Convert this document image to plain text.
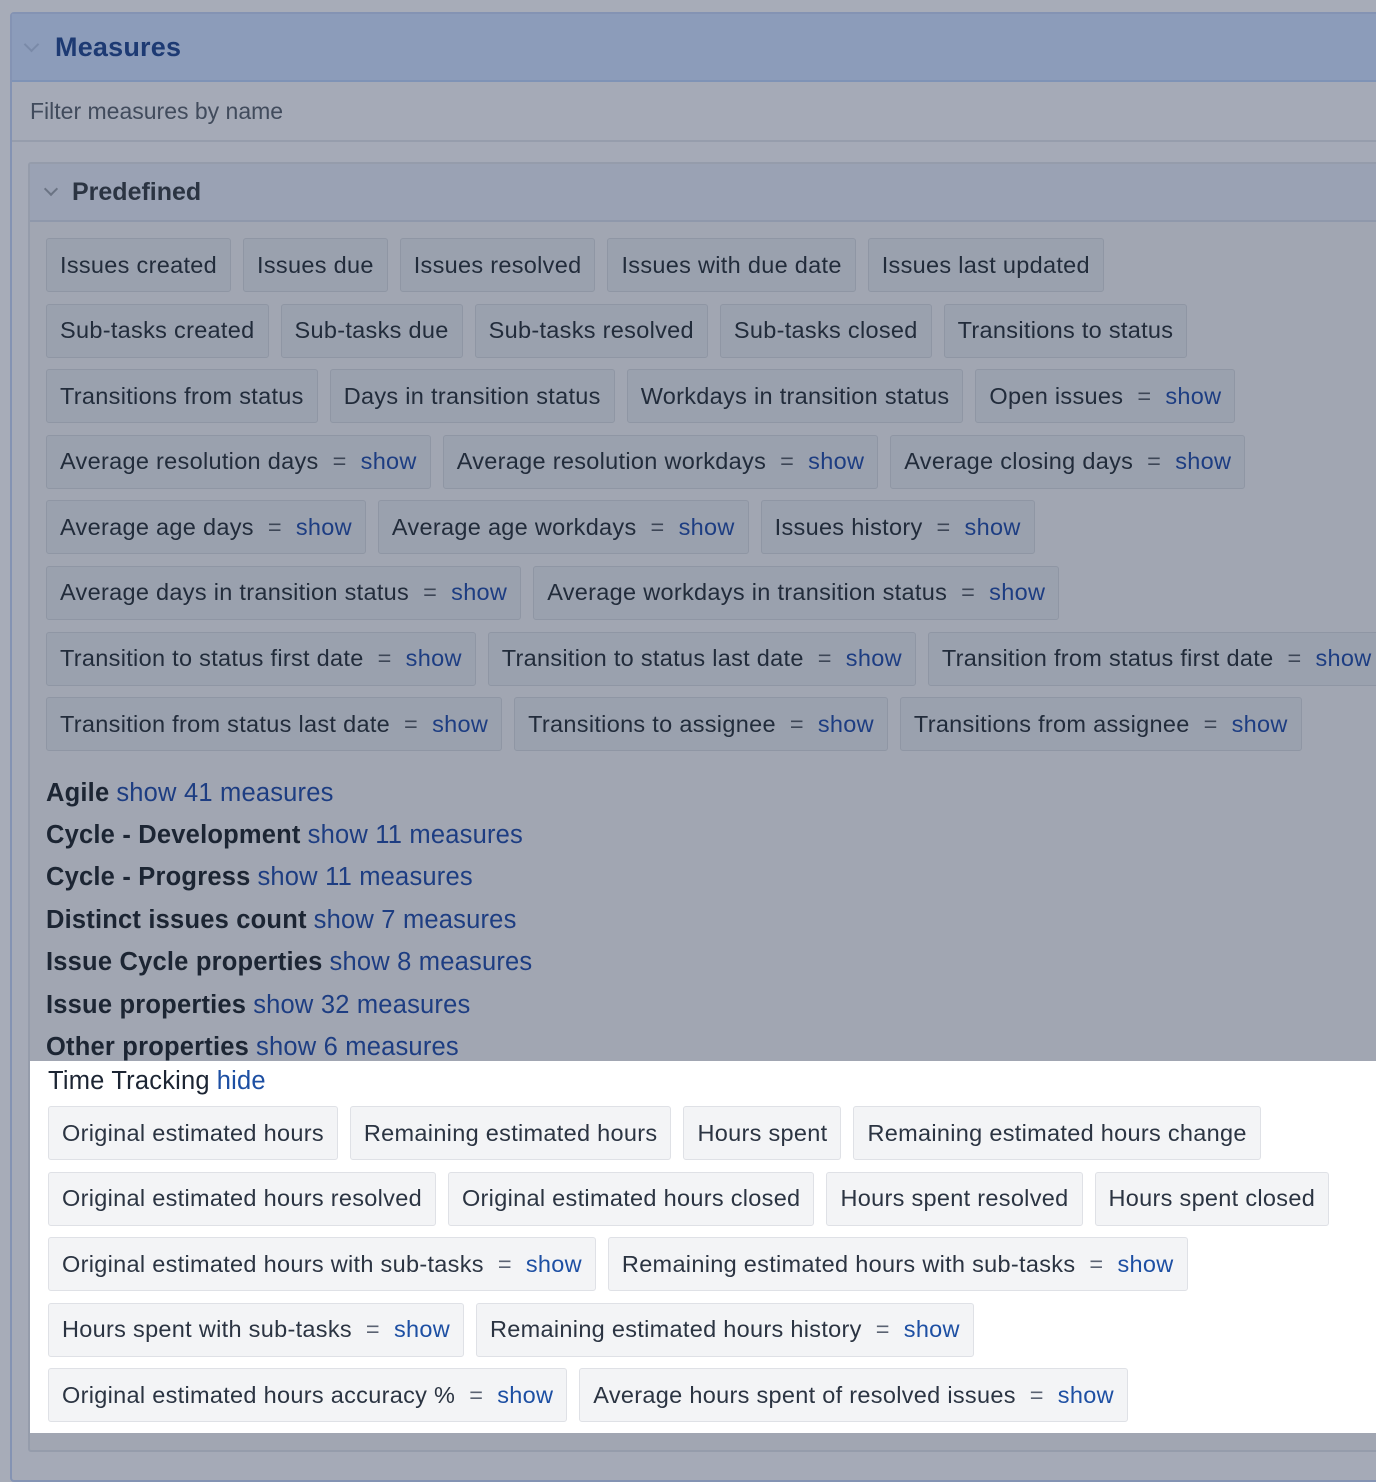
Measures
Filter measures by name
Predefined
Issues created Issues due Issues resolved Issues with due date Issues last updated
Sub-tasks created Sub-tasks due Sub-tasks resolved Sub-tasks closed Transitions to status
Transitions from status Days in transition status Workdays in transition status Open issues = show
Average resolution days = show Average resolution workdays = show Average closing days = show
Average age days = show Average age workdays = show Issues history = show
Average days in transition status = show Average workdays in transition status = show
Transition to status first date = show Transition to status last date = show Transition from status first date = show
Transition from status last date = show Transitions to assignee = show Transitions from assignee = show
Agile show 41 measures
Cycle - Development show 11 measures
Cycle - Progress show 11 measures
Distinct issues count show 7 measures
Issue Cycle properties show 8 measures
Issue properties show 32 measures
Other properties show 6 measures
Time Tracking hide
Original estimated hours Remaining estimated hours Hours spent Remaining estimated hours change
Original estimated hours resolved Original estimated hours closed Hours spent resolved Hours spent closed
Original estimated hours with sub-tasks = show Remaining estimated hours with sub-tasks = show
Hours spent with sub-tasks = show Remaining estimated hours history = show
Original estimated hours accuracy % = show Average hours spent of resolved issues = show
